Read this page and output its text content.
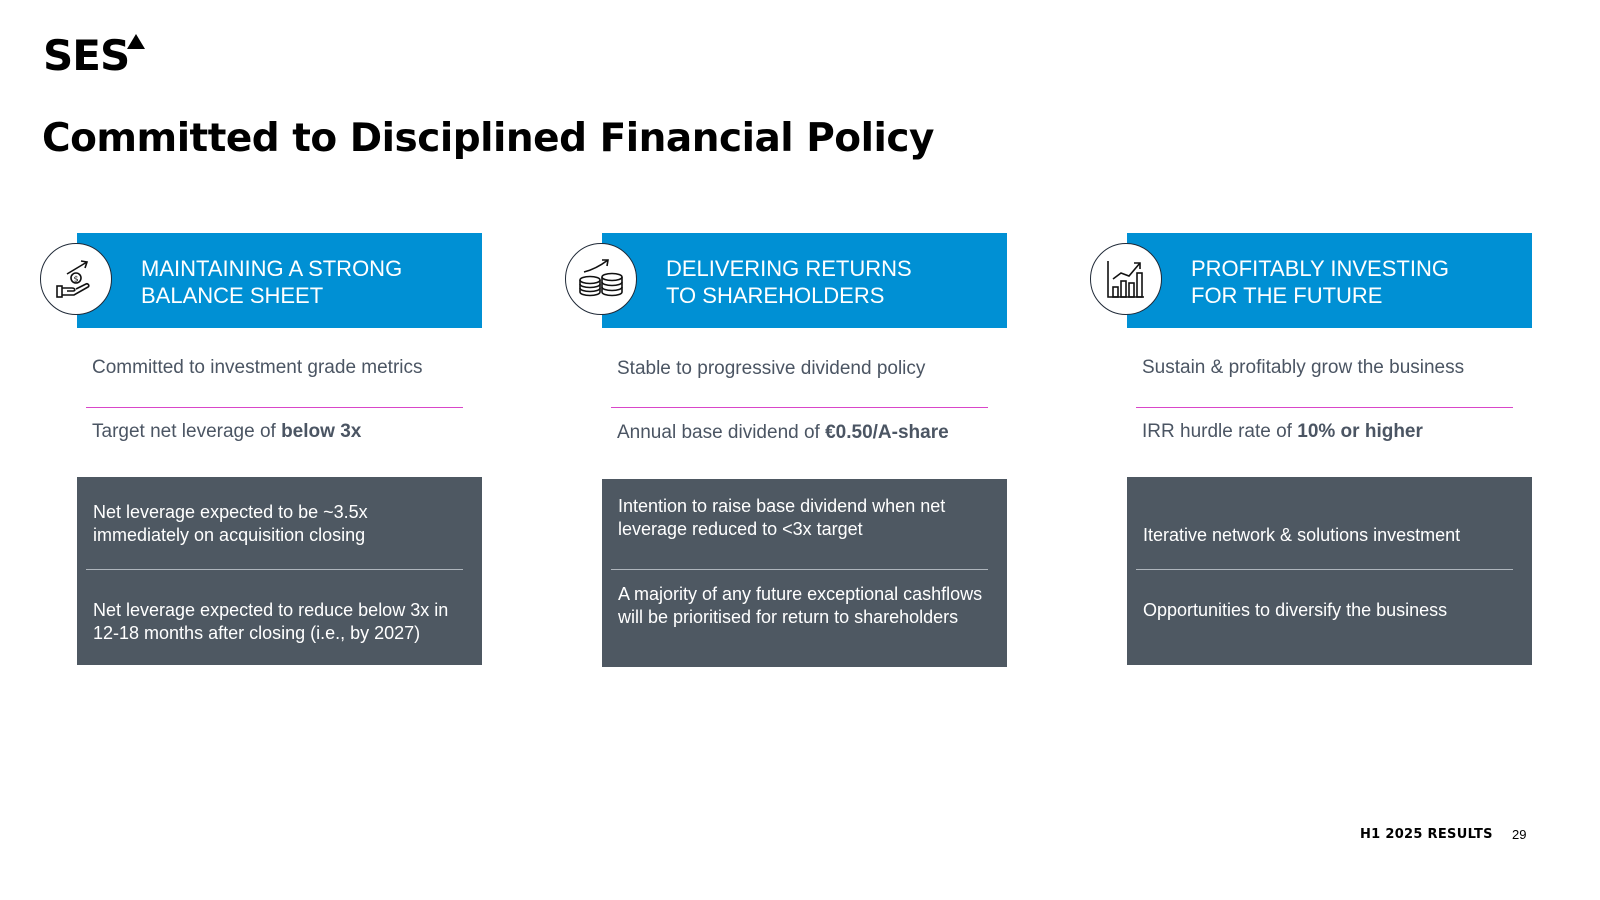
SES
Committed to Disciplined Financial Policy
MAINTAINING A STRONG
BALANCE SHEET
$
Committed to investment grade metrics
Target net leverage of below 3x
Net leverage expected to be ~3.5x immediately on acquisition closing
Net leverage expected to reduce below 3x in 12-18 months after closing (i.e., by 2027)
DELIVERING RETURNS
TO SHAREHOLDERS
Stable to progressive dividend policy
Annual base dividend of €0.50/A-share
Intention to raise base dividend when net leverage reduced to <3x target
A majority of any future exceptional cashflows will be prioritised for return to shareholders
PROFITABLY INVESTING
FOR THE FUTURE
Sustain & profitably grow the business
IRR hurdle rate of 10% or higher
Iterative network & solutions investment
Opportunities to diversify the business
H1 2025 RESULTS 29
